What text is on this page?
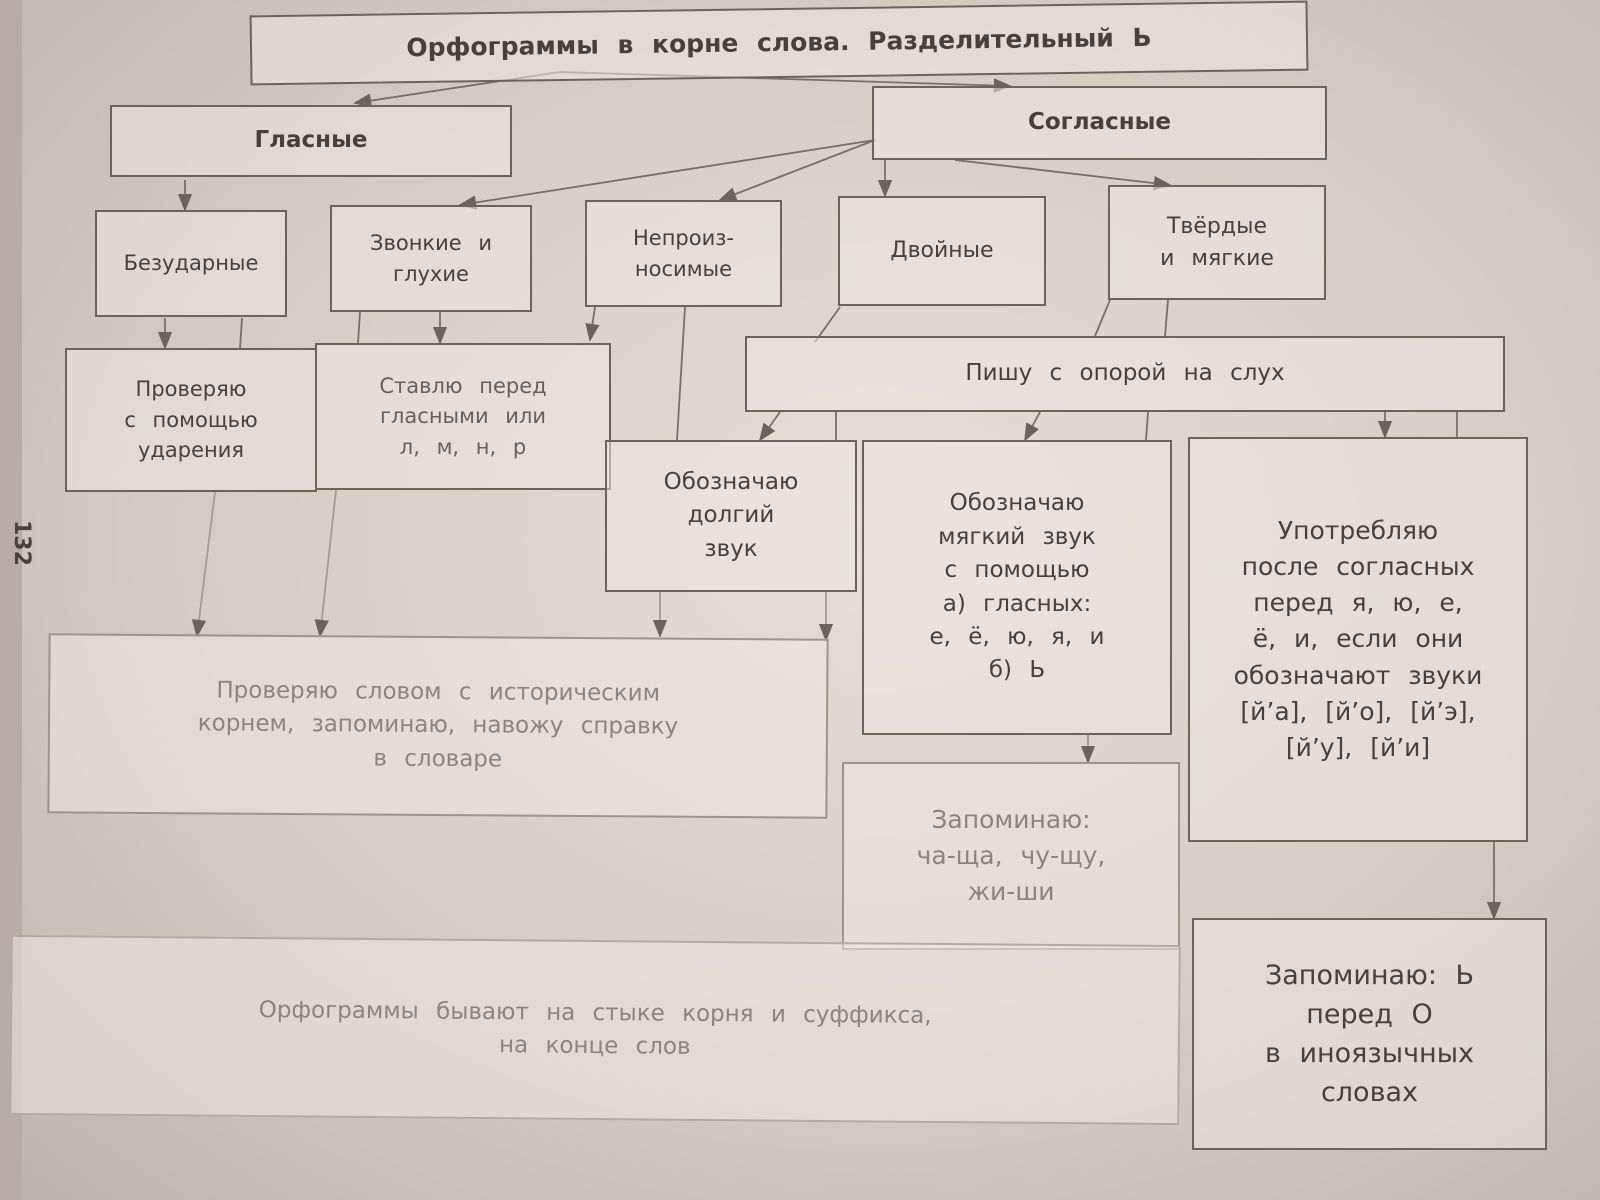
132
Орфограммы в корне слова. Разделительный Ь
Гласные
Согласные
Безударные
Звонкие и
глухие
Непроиз-
носимые
Двойные
Твёрдые
и мягкие
Проверяю
с помощью
ударения
Ставлю перед
гласными или
л, м, н, р
Пишу с опорой на слух
Обозначаю
долгий
звук
Обозначаю
мягкий звук
с помощью
а) гласных:
е, ё, ю, я, и
б) Ь
Употребляю
после согласных
перед я, ю, е,
ё, и, если они
обозначают звуки
[й’а], [й’о], [й’э],
[й’у], [й’и]
Проверяю словом с историческим
корнем, запоминаю, навожу справку
в словаре
Запоминаю:
ча-ща, чу-щу,
жи-ши
Запоминаю: Ь
перед О
в иноязычных
словах
Орфограммы бывают на стыке корня и суффикса,
на конце слов
